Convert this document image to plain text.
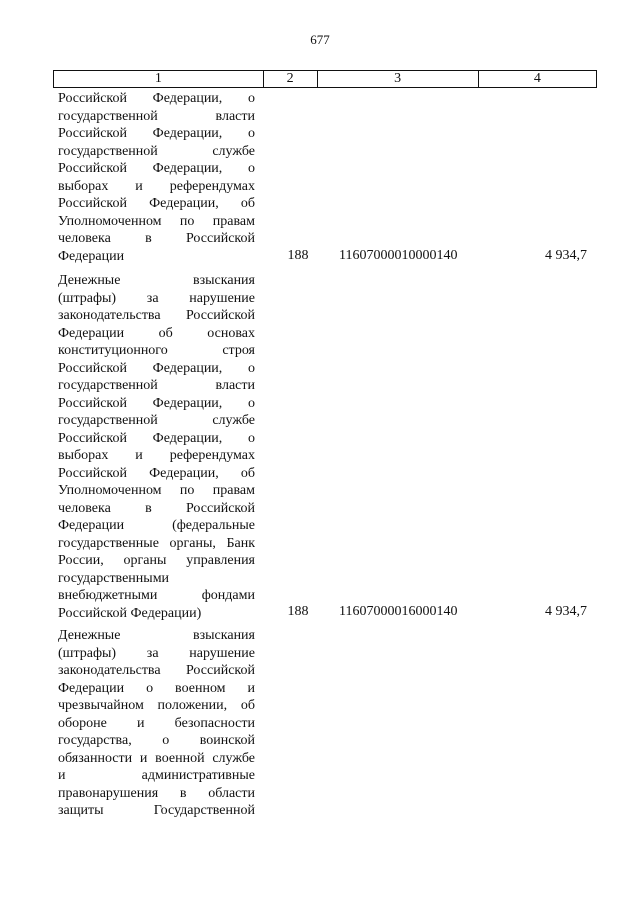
677
1	2	3	4
Российской Федерации, о
государственной власти
Российской Федерации, о
государственной службе
Российской Федерации, о
выборах и референдумах
Российской Федерации, об
Уполномоченном по правам
человека в Российской
Федерации	188	11607000010000140	4 934,7
Денежные взыскания
(штрафы) за нарушение
законодательства Российской
Федерации об основах
конституционного строя
Российской Федерации, о
государственной власти
Российской Федерации, о
государственной службе
Российской Федерации, о
выборах и референдумах
Российской Федерации, об
Уполномоченном по правам
человека в Российской
Федерации (федеральные
государственные органы, Банк
России, органы управления
государственными
внебюджетными фондами
Российской Федерации)	188	11607000016000140	4 934,7
Денежные взыскания
(штрафы) за нарушение
законодательства Российской
Федерации о военном и
чрезвычайном положении, об
обороне и безопасности
государства, о воинской
обязанности и военной службе
и административные
правонарушения в области
защиты Государственной
